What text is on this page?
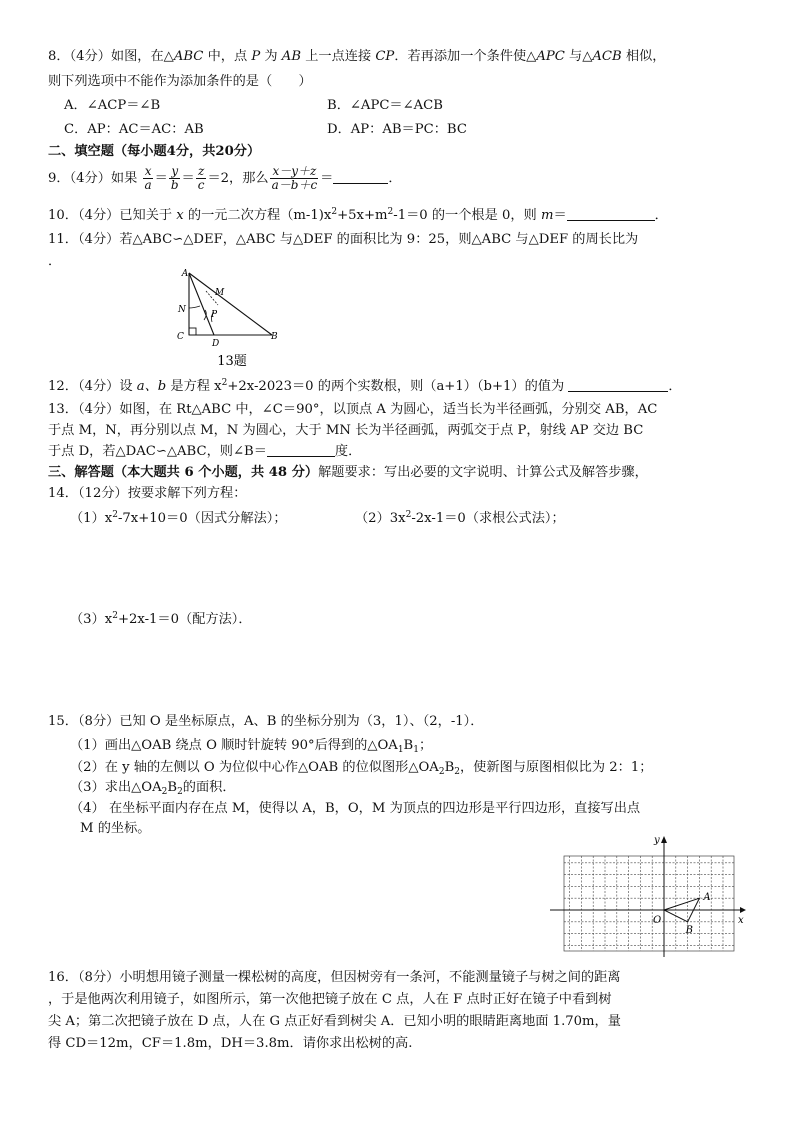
8．（4分）如图，在△ABC 中，点 P 为 AB 上一点连接 CP．若再添加一个条件使△APC 与△ACB 相似，
则下列选项中不能作为添加条件的是（　　）
A．∠ACP＝∠B	B．∠APC＝∠ACB
C．AP：AC＝AC：AB	D．AP：AB＝PC：BC
二、填空题（每小题4分，共20分）
9．（4分）如果 $\frac{x}{a} = \frac{y}{b} = \frac{z}{c} =2$，那么 $\frac{x-y+z}{a-b+c}$ ＝	．
10．（4分）已知关于 x 的一元二次方程$(m-1)x^2+5x+m^2-1=0$ 的一个根是 0，则 m＝	．
11．（4分）若△ABC∽△DEF，△ABC 与△DEF 的面积比为 9：25，则△ABC 与△DEF 的周长比为
．
A
M
N	P
C
D
B
13题
12．（4分）设 a、b 是方程 $x^2+2x-2023=0$ 的两个实数根，则（a+1）（b+1）的值为	．
13．（4分）如图，在 Rt△ABC 中，∠C＝90°，以顶点 A 为圆心，适当长为半径画弧，分别交 AB，AC
于点 M，N，再分别以点 M，N 为圆心，大于 MN 长为半径画弧，两弧交于点 P，射线 AP 交边 BC
于点 D，若△DAC∽△ABC，则∠B＝	度．
三、解答题（本大题共 6 个小题，共 48 分）解题要求：写出必要的文字说明、计算公式及解答步骤，
14．（12分）按要求解下列方程：
$(1)x^2-7x+10=0$（因式分解法）；	$(2)3x^2-2x-1=0$（求根公式法）；
$(3)x^2+2x-1=0$（配方法）．
15．（8分）已知 O 是坐标原点，A、B 的坐标分别为（3，1）、（2，-1）．
（1）画出△OAB 绕点 O 顺时针旋转 90°后得到的$\triangle OA_1B_1$；
（2）在 y 轴的左侧以 O 为位似中心作△OAB 的位似图形$\triangle OA_2B_2$，使新图与原图相似比为 2：1；
（3）求出$\triangle OA_2B_2$的面积．
（4） 在坐标平面内存在点 M，使得以 A，B，O，M 为顶点的四边形是平行四边形，直接写出点
M 的坐标。
x
y
O
A
B
16．（8分）小明想用镜子测量一棵松树的高度，但因树旁有一条河，不能测量镜子与树之间的距离
，于是他两次利用镜子，如图所示，第一次他把镜子放在 C 点，人在 F 点时正好在镜子中看到树
尖 A；第二次把镜子放在 D 点，人在 G 点正好看到树尖 A．已知小明的眼睛距离地面 1.70m，量
得 CD＝12m，CF＝1.8m，DH＝3.8m．请你求出松树的高.
